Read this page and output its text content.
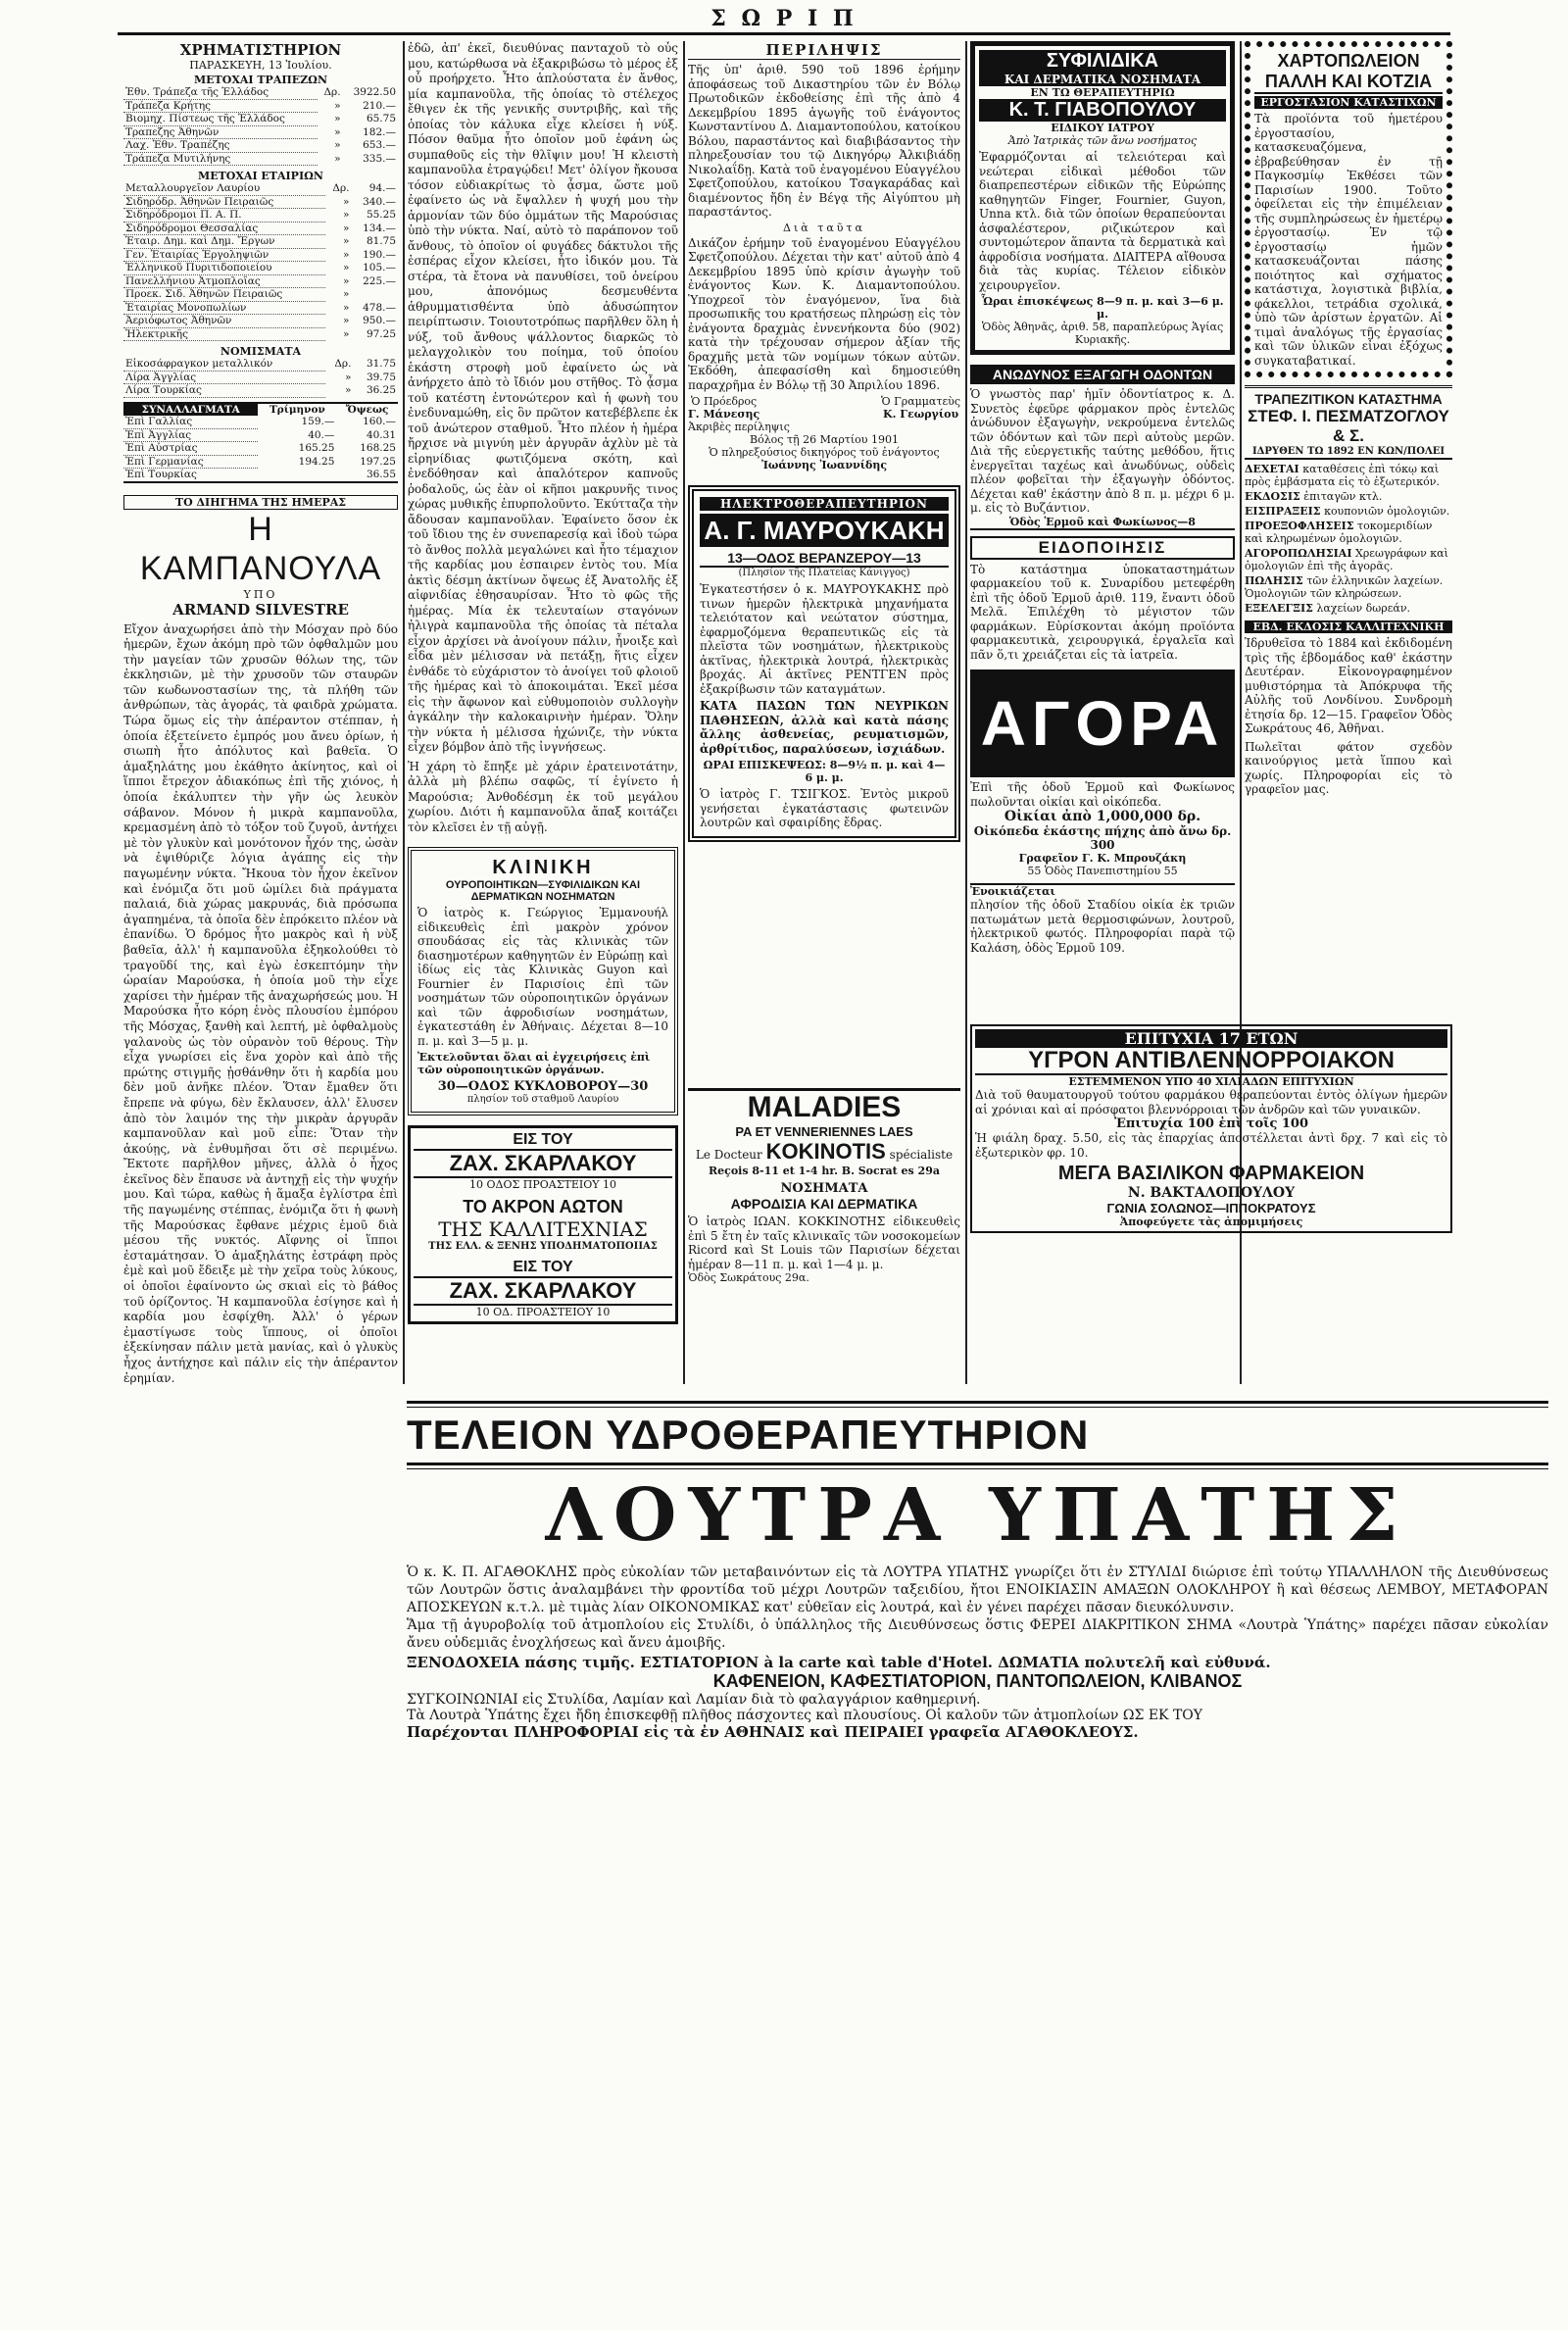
Σ Ω Ρ Ι Π
ΧΡΗΜΑΤΙΣΤΗΡΙΟΝ
ΠΑΡΑΣΚΕΥΗ, 13 Ἰουλίου.
ΜΕΤΟΧΑΙ ΤΡΑΠΕΖΩΝ
Ἐθν. Τράπεζα τῆς Ἑλλάδος	Δρ.	3922.50
Τράπεζα Κρήτης	»	210.—
Βιομηχ. Πίστεως τῆς Ἑλλάδος	»	65.75
Τραπεζης Ἀθηνῶν	»	182.—
Λαχ. Ἐθν. Τραπέζης	»	653.—
Τράπεζα Μυτιλήνης	»	335.—
ΜΕΤΟΧΑΙ ΕΤΑΙΡΙΩΝ
Μεταλλουργεῖον Λαυρίου	Δρ.	94.—
Σιδηρόδρ. Ἀθηνῶν Πειραιῶς	»	340.—
Σιδηρόδρομοι Π. Α. Π.	»	55.25
Σιδηρόδρομοι Θεσσαλίας	»	134.—
Ἑταιρ. Δημ. καὶ Δημ. Ἔργων	»	81.75
Γεν. Ἑταιρίας Ἐργοληψιῶν	»	190.—
Ἑλληνικοῦ Πυριτιδοποιείου	»	105.—
Πανελλήνιου Ἀτμοπλοΐας	»	225.—
Προεκ. Σιδ. Ἀθηνῶν Πειραιῶς	»	
Ἑταιρίας Μονοπωλίων	»	478.—
Ἀεριόφωτος Ἀθηνῶν	»	950.—
Ἠλεκτρικῆς	»	97.25
ΝΟΜΙΣΜΑΤΑ
Εἰκοσάφραγκον μεταλλικόν	Δρ.	31.75
Λίρα Ἀγγλίας	»	39.75
Λίρα Τουρκίας	»	36.25
ΣΥΝΑΛΛΑΓΜΑΤΑ	Τρίμηνον	Ὄψεως
Ἐπὶ Γαλλίας	159.—	160.—
Ἐπὶ Ἀγγλίας	40.—	40.31
Ἐπὶ Αὐστρίας	165.25	168.25
Ἐπὶ Γερμανίας	194.25	197.25
Ἐπὶ Τουρκίας		36.55
ΤΟ ΔΙΗΓΗΜΑ ΤΗΣ ΗΜΕΡΑΣ
Η ΚΑΜΠΑΝΟΥΛΑ
ΥΠΟ
ARMAND SILVESTRE
Εἴχον ἀναχωρήσει ἀπὸ τὴν Μόσχαν πρὸ δύο ἡμερῶν, ἔχων ἀκόμη πρὸ τῶν ὀφθαλμῶν μου τὴν μαγείαν τῶν χρυσῶν θόλων της, τῶν ἐκκλησιῶν, μὲ τὴν χρυσοῦν τῶν σταυρῶν τῶν κωδωνοστασίων της, τὰ πλήθη τῶν ἀνθρώπων, τὰς ἀγοράς, τὰ φαιδρὰ χρώματα. Τώρα ὅμως εἰς τὴν ἀπέραντον στέππαν, ἡ ὁποία ἐξετείνετο ἐμπρός μου ἄνευ ὁρίων, ἡ σιωπὴ ἦτο ἀπόλυτος καὶ βαθεῖα. Ὁ ἁμαξηλάτης μου ἐκάθητο ἀκίνητος, καὶ οἱ ἵπποι ἔτρεχον ἀδιακόπως ἐπὶ τῆς χιόνος, ἡ ὁποία ἐκάλυπτεν τὴν γῆν ὡς λευκὸν σάβανον. Μόνον ἡ μικρὰ καμπανοῦλα, κρεμασμένη ἀπὸ τὸ τόξον τοῦ ζυγοῦ, ἀντήχει μὲ τὸν γλυκὺν καὶ μονότονον ἦχόν της, ὡσὰν νὰ ἐψιθύριζε λόγια ἀγάπης εἰς τὴν παγωμένην νύκτα. Ἤκουα τὸν ἦχον ἐκεῖνον καὶ ἐνόμιζα ὅτι μοῦ ὡμίλει διὰ πράγματα παλαιά, διὰ χώρας μακρυνάς, διὰ πρόσωπα ἀγαπημένα, τὰ ὁποῖα δὲν ἐπρόκειτο πλέον νὰ ἐπανίδω. Ὁ δρόμος ἦτο μακρὸς καὶ ἡ νὺξ βαθεῖα, ἀλλ' ἡ καμπανοῦλα ἐξηκολούθει τὸ τραγοῦδί της, καὶ ἐγὼ ἐσκεπτόμην τὴν ὡραίαν Μαρούσκα, ἡ ὁποία μοῦ τὴν εἶχε χαρίσει τὴν ἡμέραν τῆς ἀναχωρήσεώς μου. Ἡ Μαρούσκα ἦτο κόρη ἑνὸς πλουσίου ἐμπόρου τῆς Μόσχας, ξανθὴ καὶ λεπτή, μὲ ὀφθαλμοὺς γαλανοὺς ὡς τὸν οὐρανὸν τοῦ θέρους. Τὴν εἶχα γνωρίσει εἰς ἕνα χορὸν καὶ ἀπὸ τῆς πρώτης στιγμῆς ᾐσθάνθην ὅτι ἡ καρδία μου δὲν μοῦ ἀνῆκε πλέον. Ὅταν ἔμαθεν ὅτι ἔπρεπε νὰ φύγω, δὲν ἔκλαυσεν, ἀλλ' ἔλυσεν ἀπὸ τὸν λαιμόν της τὴν μικρὰν ἀργυρᾶν καμπανοῦλαν καὶ μοῦ εἶπε: Ὅταν τὴν ἀκούῃς, νὰ ἐνθυμῆσαι ὅτι σὲ περιμένω. Ἔκτοτε παρῆλθον μῆνες, ἀλλὰ ὁ ἦχος ἐκεῖνος δὲν ἔπαυσε νὰ ἀντηχῇ εἰς τὴν ψυχήν μου. Καὶ τώρα, καθὼς ἡ ἅμαξα ἐγλίστρα ἐπὶ τῆς παγωμένης στέππας, ἐνόμιζα ὅτι ἡ φωνὴ τῆς Μαρούσκας ἔφθανε μέχρις ἐμοῦ διὰ μέσου τῆς νυκτός. Αἴφνης οἱ ἵπποι ἐσταμάτησαν. Ὁ ἁμαξηλάτης ἐστράφη πρὸς ἐμὲ καὶ μοῦ ἔδειξε μὲ τὴν χεῖρα τοὺς λύκους, οἱ ὁποῖοι ἐφαίνοντο ὡς σκιαὶ εἰς τὸ βάθος τοῦ ὁρίζοντος. Ἡ καμπανοῦλα ἐσίγησε καὶ ἡ καρδία μου ἐσφίχθη. Ἀλλ' ὁ γέρων ἐμαστίγωσε τοὺς ἵππους, οἱ ὁποῖοι ἐξεκίνησαν πάλιν μετὰ μανίας, καὶ ὁ γλυκὺς ἦχος ἀντήχησε καὶ πάλιν εἰς τὴν ἀπέραντον ἐρημίαν.
ἐδῶ, ἀπ' ἐκεῖ, διευθύνας πανταχοῦ τὸ οὖς μου, κατώρθωσα νὰ ἐξακριβώσω τὸ μέρος ἐξ οὗ προήρχετο. Ἦτο ἁπλούστατα ἐν ἄνθος, μία καμπανοῦλα, τῆς ὁποίας τὸ στέλεχος ἔθιγεν ἐκ τῆς γενικῆς συντριβῆς, καὶ τῆς ὁποίας τὸν κάλυκα εἶχε κλείσει ἡ νύξ. Πόσον θαῦμα ἦτο ὁποῖον μοῦ ἐφάνη ὡς συμπαθοῦς εἰς τὴν θλῖψιν μου! Ἡ κλειστὴ καμπανοῦλα ἐτραγῴδει! Μετ' ὀλίγον ἤκουσα τόσον εὐδιακρίτως τὸ ᾆσμα, ὥστε μοῦ ἐφαίνετο ὡς νὰ ἔψαλλεν ἡ ψυχή μου τὴν ἁρμονίαν τῶν δύο ὀμμάτων τῆς Μαρούσιας ὑπὸ τὴν νύκτα. Ναί, αὐτὸ τὸ παράπονον τοῦ ἄνθους, τὸ ὁποῖον οἱ φυγάδες δάκτυλοι τῆς ἑσπέρας εἶχον κλείσει, ἦτο ἰδικόν μου. Τὰ στέρα, τὰ ἔτονα νὰ πανυθίσει, τοῦ ὀνείρου μου, ἀπονόμως δεσμευθέντα ἀθρυμματισθέντα ὑπὸ ἀδυσώπητον πειρίπτωσιν. Τοιουτοτρόπως παρῆλθεν ὅλη ἡ νύξ, τοῦ ἄνθους ψάλλοντος διαρκῶς τὸ μελαγχολικὸν του ποίημα, τοῦ ὁποίου ἑκάστη στροφὴ μοῦ ἐφαίνετο ὡς νὰ ἀνήρχετο ἀπὸ τὸ ἴδιόν μου στῆθος. Τὸ ᾆσμα τοῦ κατέστη ἐντονώτερον καὶ ἡ φωνὴ του ἐνεδυναμώθη, εἰς ὃν πρῶτον κατεβέβλεπε ἐκ τοῦ ἀνώτερον σταθμοῦ. Ἦτο πλέον ἡ ἡμέρα ἤρχισε νὰ μιγνύη μὲν ἀργυρᾶν ἀχλὺν μὲ τὰ εἰρηνίδιας φωτιζόμενα σκότη, καὶ ἐνεδόθησαν καὶ ἀπαλότερον καπνοῦς ῥοδαλοῦς, ὡς ἐὰν οἱ κῆποι μακρυνῆς τινος χώρας μυθικῆς ἐπυρπολοῦντο. Ἐκύτταζα τὴν ἄδουσαν καμπανοῦλαν. Ἐφαίνετο ὅσον ἐκ τοῦ ἴδιου της ἐν συνεπαρεσίᾳ καὶ ἰδοὺ τώρα τὸ ἄνθος πολλὰ μεγαλώνει καὶ ἦτο τέμαχιον τῆς καρδίας μου ἐσπαιρεν ἐντὸς του. Μία ἀκτὶς δέσμη ἀκτίνων ὄψεως ἐξ Ἀνατολῆς ἐξ αἰφνιδίας ἐθησαυρίσαν. Ἦτο τὸ φῶς τῆς ἡμέρας. Μία ἐκ τελευταίων σταγόνων ἠλιγρὰ καμπανοῦλα τῆς ὁποίας τὰ πέταλα εἶχον ἀρχίσει νὰ ἀνοίγουν πάλιν, ἦνοιξε καὶ εἶδα μὲν μέλισσαν νὰ πετάξῃ, ἥτις εἶχεν ἐνθάδε τὸ εὐχάριστον τὸ ἀνοίγει τοῦ φλοιοῦ τῆς ἡμέρας καὶ τὸ ἀποκοιμάται. Ἐκεῖ μέσα εἰς τὴν ἄφωνον καὶ εὐθυμοποιὸν συλλογὴν ἀγκάλην τὴν καλοκαιρινὴν ἡμέραν. Ὅλην τὴν νύκτα ἡ μέλισσα ἠχώνιζε, τὴν νύκτα εἶχεν βόμβον ἀπὸ τῆς ἰνγνήσεως.
Ἡ χάρη τὸ ἔπηξε μὲ χάριν ἐρατεινοτάτην, ἀλλὰ μὴ βλέπω σαφῶς, τί ἐγίνετο ἡ Μαρούσια; Ἀνθοδέσμη ἐκ τοῦ μεγάλου χωρίου. Διότι ἡ καμπανοῦλα ἄπαξ κοιτάζει τὸν κλεῖσει ἐν τῇ αὐγῇ.
ΚΛΙΝΙΚΗ
ΟΥΡΟΠΟΙΗΤΙΚΩΝ—ΣΥΦΙΛΙΔΙΚΩΝ ΚΑΙ ΔΕΡΜΑΤΙΚΩΝ ΝΟΣΗΜΑΤΩΝ
Ὁ ἰατρὸς κ. Γεώργιος Ἐμμανουήλ εἰδικευθεὶς ἐπὶ μακρὸν χρόνον σπουδάσας εἰς τὰς κλινικὰς τῶν διασημοτέρων καθηγητῶν ἐν Εὐρώπῃ καὶ ἰδίως εἰς τὰς Κλινικὰς Guyon καὶ Fournier ἐν Παρισίοις ἐπὶ τῶν νοσημάτων τῶν οὐροποιητικῶν ὀργάνων καὶ τῶν ἀφροδισίων νοσημάτων, ἐγκατεστάθη ἐν Ἀθήναις. Δέχεται 8—10 π. μ. καὶ 3—5 μ. μ.
Ἐκτελοῦνται ὅλαι αἱ ἐγχειρήσεις ἐπὶ τῶν οὐροποιητικῶν ὀργάνων.
30—ΟΔΟΣ ΚΥΚΛΟΒΟΡΟΥ—30
πλησίον τοῦ σταθμοῦ Λαυρίου
ΕΙΣ ΤΟΥ
ΖΑΧ. ΣΚΑΡΛΑΚΟΥ
10 ΟΔΟΣ ΠΡΟΑΣΤΕΙΟΥ 10
ΤΟ ΑΚΡΟΝ ΑΩΤΟΝ
ΤΗΣ ΚΑΛΛΙΤΕΧΝΙΑΣ
ΤΗΣ ΕΛΛ. & ΞΕΝΗΣ ΥΠΟΔΗΜΑΤΟΠΟΙΙΑΣ
ΕΙΣ ΤΟΥ
ΖΑΧ. ΣΚΑΡΛΑΚΟΥ
10 ΟΔ. ΠΡΟΑΣΤΕΙΟΥ 10
ΠΕΡΙΛΗΨΙΣ
Τῆς ὑπ' ἀριθ. 590 τοῦ 1896 ἐρήμην ἀποφάσεως τοῦ Δικαστηρίου τῶν ἐν Βόλῳ Πρωτοδικῶν ἐκδοθείσης ἐπὶ τῆς ἀπὸ 4 Δεκεμβρίου 1895 ἀγωγῆς τοῦ ἐνάγοντος Κωνσταντίνου Δ. Διαμαντοπούλου, κατοίκου Βόλου, παραστάντος καὶ διαβιβάσαντος τὴν πληρεξουσίαν του τῷ Δικηγόρῳ Ἀλκιβιάδῃ Νικολαΐδῃ. Κατὰ τοῦ ἐναγομένου Εὐαγγέλου Σφετζοπούλου, κατοίκου Τσαγκαράδας καὶ διαμένοντος ἤδη ἐν Βέγᾳ τῆς Αἰγύπτου μὴ παραστάντος.
Διὰ ταῦτα
Δικάζον ἐρήμην τοῦ ἐναγομένου Εὐαγγέλου Σφετζοπούλου. Δέχεται τὴν κατ' αὐτοῦ ἀπὸ 4 Δεκεμβρίου 1895 ὑπὸ κρίσιν ἀγωγὴν τοῦ ἐνάγοντος Κων. Κ. Διαμαντοπούλου. Ὑποχρεοῖ τὸν ἐναγόμενον, ἵνα διὰ προσωπικῆς του κρατήσεως πληρώσῃ εἰς τὸν ἐνάγοντα δραχμὰς ἐννενήκοντα δύο (902) κατὰ τὴν τρέχουσαν σήμερον ἀξίαν τῆς δραχμῆς μετὰ τῶν νομίμων τόκων αὐτῶν. Ἐκδόθη, ἀπεφασίσθη καὶ δημοσιεύθη παραχρῆμα ἐν Βόλῳ τῇ 30 Ἀπριλίου 1896.
Ὁ Πρόεδρος
Γ. Μάνεσης
Ὁ Γραμματεὺς
Κ. Γεωργίου
Ἀκριβὲς περίληψις
Βόλος τῇ 26 Μαρτίου 1901
Ὁ πληρεξούσιος δικηγόρος τοῦ ἐνάγοντος
Ἰωάννης Ἰωαννίδης
ΗΛΕΚΤΡΟΘΕΡΑΠΕΥΤΗΡΙΟΝ
Α. Γ. ΜΑΥΡΟΥΚΑΚΗ
13—ΟΔΟΣ ΒΕΡΑΝΖΕΡΟΥ—13
(Πλησίον τῆς Πλατείας Κάνιγγος)
Ἐγκατεστήσεν ὁ κ. ΜΑΥΡΟΥΚΑΚΗΣ πρὸ τινων ἡμερῶν ἠλεκτρικὰ μηχανήματα τελειότατον καὶ νεώτατον σύστημα, ἐφαρμοζόμενα θεραπευτικῶς εἰς τὰ πλεῖστα τῶν νοσημάτων, ἠλεκτρικοὺς ἀκτῖνας, ἠλεκτρικὰ λουτρά, ἠλεκτρικὰς βροχάς. Αἱ ἀκτῖνες ΡΕΝΤΓΕΝ πρὸς ἐξακρίβωσιν τῶν καταγμάτων.
ΚΑΤΑ ΠΑΣΩΝ ΤΩΝ ΝΕΥΡΙΚΩΝ ΠΑΘΗΣΕΩΝ, ἀλλὰ καὶ κατὰ πάσης ἄλλης ἀσθενείας, ρευματισμῶν, ἀρθρίτιδος, παραλύσεων, ἰσχιάδων.
ΩΡΑΙ ΕΠΙΣΚΕΨΕΩΣ: 8—9½ π. μ. καὶ 4—6 μ. μ.
Ὁ ἰατρὸς Γ. ΤΣΙΓΚΟΣ. Ἐντὸς μικροῦ γενήσεται ἐγκατάστασις φωτεινῶν λουτρῶν καὶ σφαιρίδης ἔδρας.
ΣΥΦΙΛΙΔΙΚΑ
ΚΑΙ ΔΕΡΜΑΤΙΚΑ ΝΟΣΗΜΑΤΑ
ΕΝ ΤΩ ΘΕΡΑΠΕΥΤΗΡΙΩ
Κ. Τ. ΓΙΑΒΟΠΟΥΛΟΥ
ΕΙΔΙΚΟΥ ΙΑΤΡΟΥ
Ἀπὸ Ἰατρικὰς τῶν ἄνω νοσήματος
Ἐφαρμόζονται αἱ τελειότεραι καὶ νεώτεραι εἰδικαὶ μέθοδοι τῶν διαπρεπεστέρων εἰδικῶν τῆς Εὐρώπης καθηγητῶν Finger, Fournier, Guyon, Unna κτλ. διὰ τῶν ὁποίων θεραπεύονται ἀσφαλέστερον, ριζικώτερον καὶ συντομώτερον ἅπαντα τὰ δερματικὰ καὶ ἀφροδίσια νοσήματα. ΔΙΑΙΤΕΡΑ αἴθουσα διὰ τὰς κυρίας. Τέλειον εἰδικὸν χειρουργεῖον.
Ὧραι ἐπισκέψεως 8—9 π. μ. καὶ 3—6 μ. μ.
Ὁδὸς Ἀθηνᾶς, ἀριθ. 58, παραπλεύρως Ἁγίας Κυριακῆς.
ΑΝΩΔΥΝΟΣ ΕΞΑΓΩΓΗ ΟΔΟΝΤΩΝ
Ὁ γνωστὸς παρ' ἡμῖν ὀδοντίατρος κ. Δ. Συνετὸς ἐφεῦρε φάρμακον πρὸς ἐντελῶς ἀνώδυνον ἐξαγωγὴν, νεκρούμενα ἐντελῶς τῶν ὀδόντων καὶ τῶν περὶ αὐτοὺς μερῶν. Διὰ τῆς εὐεργετικῆς ταύτης μεθόδου, ἥτις ἐνεργεῖται ταχέως καὶ ἀνωδύνως, οὐδεὶς πλέον φοβεῖται τὴν ἐξαγωγὴν ὀδόντος. Δέχεται καθ' ἑκάστην ἀπὸ 8 π. μ. μέχρι 6 μ. μ. εἰς τὸ Βυζάντιον.
Ὁδὸς Ἑρμοῦ καὶ Φωκίωνος—8
ΕΙΔΟΠΟΙΗΣΙΣ
Τὸ κατάστημα ὑποκαταστημάτων φαρμακείου τοῦ κ. Συναρίδου μετεφέρθη ἐπὶ τῆς ὁδοῦ Ἑρμοῦ ἀριθ. 119, ἔναντι ὁδοῦ Μελᾶ. Ἐπιλέχθη τὸ μέγιστον τῶν φαρμάκων. Εὑρίσκονται ἀκόμη προϊόντα φαρμακευτικὰ, χειρουργικά, ἐργαλεῖα καὶ πᾶν ὅ,τι χρειάζεται εἰς τὰ ἰατρεῖα.
ΑΓΟΡΑ
Ἐπὶ τῆς ὁδοῦ Ἑρμοῦ καὶ Φωκίωνος πωλοῦνται οἰκίαι καὶ οἰκόπεδα.
Οἰκίαι ἀπὸ 1,000,000 δρ.
Οἰκόπεδα ἑκάστης πήχης ἀπὸ ἄνω δρ. 300
Γραφεῖον Γ. Κ. Μπρουζάκη
55 Ὁδὸς Πανεπιστημίου 55
Ἐνοικιάζεται
πλησίον τῆς ὁδοῦ Σταδίου οἰκία ἐκ τριῶν πατωμάτων μετὰ θερμοσιφώνων, λουτροῦ, ἠλεκτρικοῦ φωτός. Πληροφορίαι παρὰ τῷ Καλάση, ὁδὸς Ἑρμοῦ 109.
ΧΑΡΤΟΠΩΛΕΙΟΝ
ΠΑΛΛΗ ΚΑΙ ΚΟΤΖΙΑ
ΕΡΓΟΣΤΑΣΙΟΝ ΚΑΤΑΣΤΙΧΩΝ
Τὰ προϊόντα τοῦ ἡμετέρου ἐργοστασίου, κατασκευαζόμενα, ἐβραβεύθησαν ἐν τῇ Παγκοσμίῳ Ἐκθέσει τῶν Παρισίων 1900. Τοῦτο ὀφείλεται εἰς τὴν ἐπιμέλειαν τῆς συμπληρώσεως ἐν ἡμετέρῳ ἐργοστασίῳ. Ἐν τῷ ἐργοστασίῳ ἡμῶν κατασκευάζονται πάσης ποιότητος καὶ σχήματος κατάστιχα, λογιστικὰ βιβλία, φάκελλοι, τετράδια σχολικά, ὑπὸ τῶν ἀρίστων ἐργατῶν. Αἱ τιμαὶ ἀναλόγως τῆς ἐργασίας καὶ τῶν ὑλικῶν εἶναι ἐξόχως συγκαταβατικαί.
ΤΡΑΠΕΖΙΤΙΚΟΝ ΚΑΤΑΣΤΗΜΑ
ΣΤΕΦ. Ι. ΠΕΣΜΑΤΖΟΓΛΟΥ & Σ.
ΙΔΡΥΘΕΝ ΤΩ 1892 ΕΝ ΚΩΝ/ΠΟΛΕΙ
ΔΕΧΕΤΑΙ καταθέσεις ἐπὶ τόκῳ καὶ πρὸς ἐμβάσματα εἰς τὸ ἐξωτερικόν.
ΕΚΔΟΣΙΣ ἐπιταγῶν κτλ.
ΕΙΣΠΡΑΞΕΙΣ κουπονιῶν ὁμολογιῶν.
ΠΡΟΕΞΟΦΛΗΣΕΙΣ τοκομεριδίων καὶ κληρωμένων ὁμολογιῶν.
ΑΓΟΡΟΠΩΛΗΣΙΑΙ Χρεωγράφων καὶ ὁμολογιῶν ἐπὶ τῆς ἀγορᾶς.
ΠΩΛΗΣΙΣ τῶν ἐλληνικῶν λαχείων. Ὁμολογιῶν τῶν κληρώσεων.
ΕΞΕΛΕΓΞΙΣ λαχείων δωρεάν.
ΕΒΔ. ΕΚΔΟΣΙΣ ΚΑΛΛΙΤΕΧΝΙΚΗ
Ἱδρυθεῖσα τὸ 1884 καὶ ἐκδιδομένη τρὶς τῆς ἑβδομάδος καθ' ἑκάστην Δευτέραν. Εἰκονογραφημένον μυθιστόρημα τὰ Ἀπόκρυφα τῆς Αὐλῆς τοῦ Λονδίνου. Συνδρομὴ ἐτησία δρ. 12—15. Γραφεῖον Ὁδὸς Σωκράτους 46, Ἀθῆναι.
Πωλεῖται φάτον σχεδὸν καινούργιος μετὰ ἵππου καὶ χωρίς. Πληροφορίαι εἰς τὸ γραφεῖον μας.
ΕΠΙΤΥΧΙΑ 17 ΕΤΩΝ
ΥΓΡΟΝ ΑΝΤΙΒΛΕΝΝΟΡΡΟΙΑΚΟΝ
ΕΣΤΕΜΜΕΝΟΝ ΥΠΟ 40 ΧΙΛΙΑΔΩΝ ΕΠΙΤΥΧΙΩΝ
Διὰ τοῦ θαυματουργοῦ τούτου φαρμάκου θεραπεύονται ἐντὸς ὀλίγων ἡμερῶν αἱ χρόνιαι καὶ αἱ πρόσφατοι βλεννόρροιαι τῶν ἀνδρῶν καὶ τῶν γυναικῶν.
Ἐπιτυχία 100 ἐπὶ τοῖς 100
Ἡ φιάλη δραχ. 5.50, εἰς τὰς ἐπαρχίας ἀποστέλλεται ἀντὶ δρχ. 7 καὶ εἰς τὸ ἐξωτερικὸν φρ. 10.
ΜΕΓΑ ΒΑΣΙΛΙΚΟΝ ΦΑΡΜΑΚΕΙΟΝ
Ν. ΒΑΚΤΑΛΟΠΟΥΛΟΥ
ΓΩΝΙΑ ΣΟΛΩΝΟΣ—ΙΠΠΟΚΡΑΤΟΥΣ
Ἀποφεύγετε τὰς ἀπομιμήσεις
MALADIES
PA ET VENNERIENNES LAES
Le Docteur KOKINOTIS spécialiste
Reçois 8-11 et 1-4 hr. B. Socrat es 29a
ΝΟΣΗΜΑΤΑ
ΑΦΡΟΔΙΣΙΑ ΚΑΙ ΔΕΡΜΑΤΙΚΑ
Ὁ ἰατρὸς ΙΩΑΝ. ΚΟΚΚΙΝΟΤΗΣ εἰδικευθεὶς ἐπὶ 5 ἔτη ἐν ταῖς κλινικαῖς τῶν νοσοκομείων Ricord καὶ St Louis τῶν Παρισίων δέχεται ἡμέραν 8—11 π. μ. καὶ 1—4 μ. μ.
Ὁδὸς Σωκράτους 29α.
ΤΕΛΕΙΟΝ ΥΔΡΟΘΕΡΑΠΕΥΤΗΡΙΟΝ
ΛΟΥΤΡΑ ΥΠΑΤΗΣ
Ὁ κ. Κ. Π. ΑΓΑΘΟΚΛΗΣ πρὸς εὐκολίαν τῶν μεταβαινόντων εἰς τὰ ΛΟΥΤΡΑ ΥΠΑΤΗΣ γνωρίζει ὅτι ἐν ΣΤΥΛΙΔΙ διώρισε ἐπὶ τούτῳ ΥΠΑΛΛΗΛΟΝ τῆς Διευθύνσεως τῶν Λουτρῶν ὅστις ἀναλαμβάνει τὴν φροντίδα τοῦ μέχρι Λουτρῶν ταξειδίου, ἤτοι ΕΝΟΙΚΙΑΣΙΝ ΑΜΑΞΩΝ ΟΛΟΚΛΗΡΟΥ ἢ καὶ θέσεως ΛΕΜΒΟΥ, ΜΕΤΑΦΟΡΑΝ ΑΠΟΣΚΕΥΩΝ κ.τ.λ. μὲ τιμὰς λίαν ΟΙΚΟΝΟΜΙΚΑΣ κατ' εὐθεῖαν εἰς λουτρά, καὶ ἐν γένει παρέχει πᾶσαν διευκόλυνσιν.
Ἅμα τῇ ἀγυροβολίᾳ τοῦ ἀτμοπλοίου εἰς Στυλίδι, ὁ ὑπάλληλος τῆς Διευθύνσεως ὅστις ΦΕΡΕΙ ΔΙΑΚΡΙΤΙΚΟΝ ΣΗΜΑ «Λουτρὰ Ὑπάτης» παρέχει πᾶσαν εὐκολίαν ἄνευ οὐδεμιᾶς ἐνοχλήσεως καὶ ἄνευ ἀμοιβῆς.
ΞΕΝΟΔΟΧΕΙΑ πάσης τιμῆς. ΕΣΤΙΑΤΟΡΙΟΝ à la carte καὶ table d'Hotel. ΔΩΜΑΤΙΑ πολυτελῆ καὶ εὐθυνά.
ΚΑΦΕΝΕΙΟΝ, ΚΑΦΕΣΤΙΑΤΟΡΙΟΝ, ΠΑΝΤΟΠΩΛΕΙΟΝ, ΚΛΙΒΑΝΟΣ
ΣΥΓΚΟΙΝΩΝΙΑΙ εἰς Στυλίδα, Λαμίαν καὶ Λαμίαν διὰ τὸ φαλαγγάριον καθημερινή.
Τὰ Λουτρὰ Ὑπάτης ἔχει ἤδη ἐπισκεφθῇ πλῆθος πάσχοντες καὶ πλουσίους. Οἱ καλοῦν τῶν ἀτμοπλοίων ΩΣ ΕΚ ΤΟΥ
Παρέχονται ΠΛΗΡΟΦΟΡΙΑΙ εἰς τὰ ἐν ΑΘΗΝΑΙΣ καὶ ΠΕΙΡΑΙΕΙ γραφεῖα ΑΓΑΘΟΚΛΕΟΥΣ.
